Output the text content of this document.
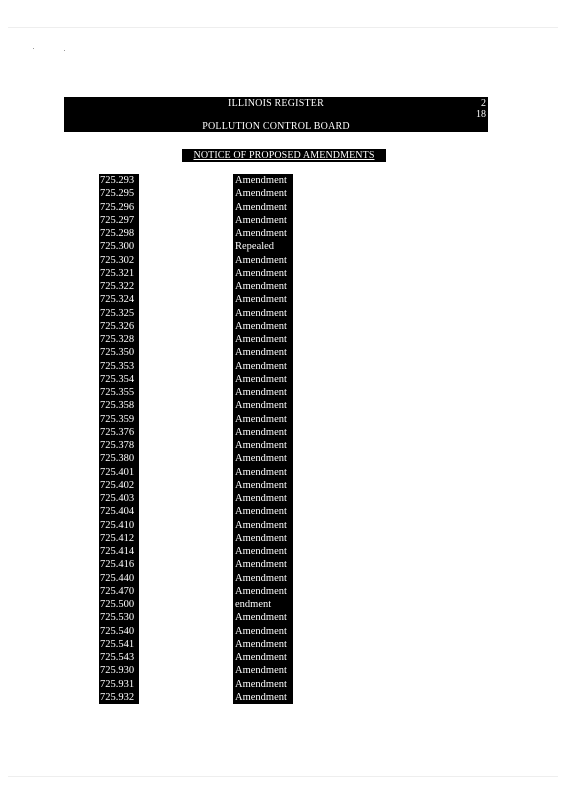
ILLINOIS REGISTER
POLLUTION CONTROL BOARD
2
18
NOTICE OF PROPOSED AMENDMENTS
725.293	Amendment
725.295	Amendment
725.296	Amendment
725.297	Amendment
725.298	Amendment
725.300	Repealed
725.302	Amendment
725.321	Amendment
725.322	Amendment
725.324	Amendment
725.325	Amendment
725.326	Amendment
725.328	Amendment
725.350	Amendment
725.353	Amendment
725.354	Amendment
725.355	Amendment
725.358	Amendment
725.359	Amendment
725.376	Amendment
725.378	Amendment
725.380	Amendment
725.401	Amendment
725.402	Amendment
725.403	Amendment
725.404	Amendment
725.410	Amendment
725.412	Amendment
725.414	Amendment
725.416	Amendment
725.440	Amendment
725.470	Amendment
725.500	endment
725.530	Amendment
725.540	Amendment
725.541	Amendment
725.543	Amendment
725.930	Amendment
725.931	Amendment
725.932	Amendment
